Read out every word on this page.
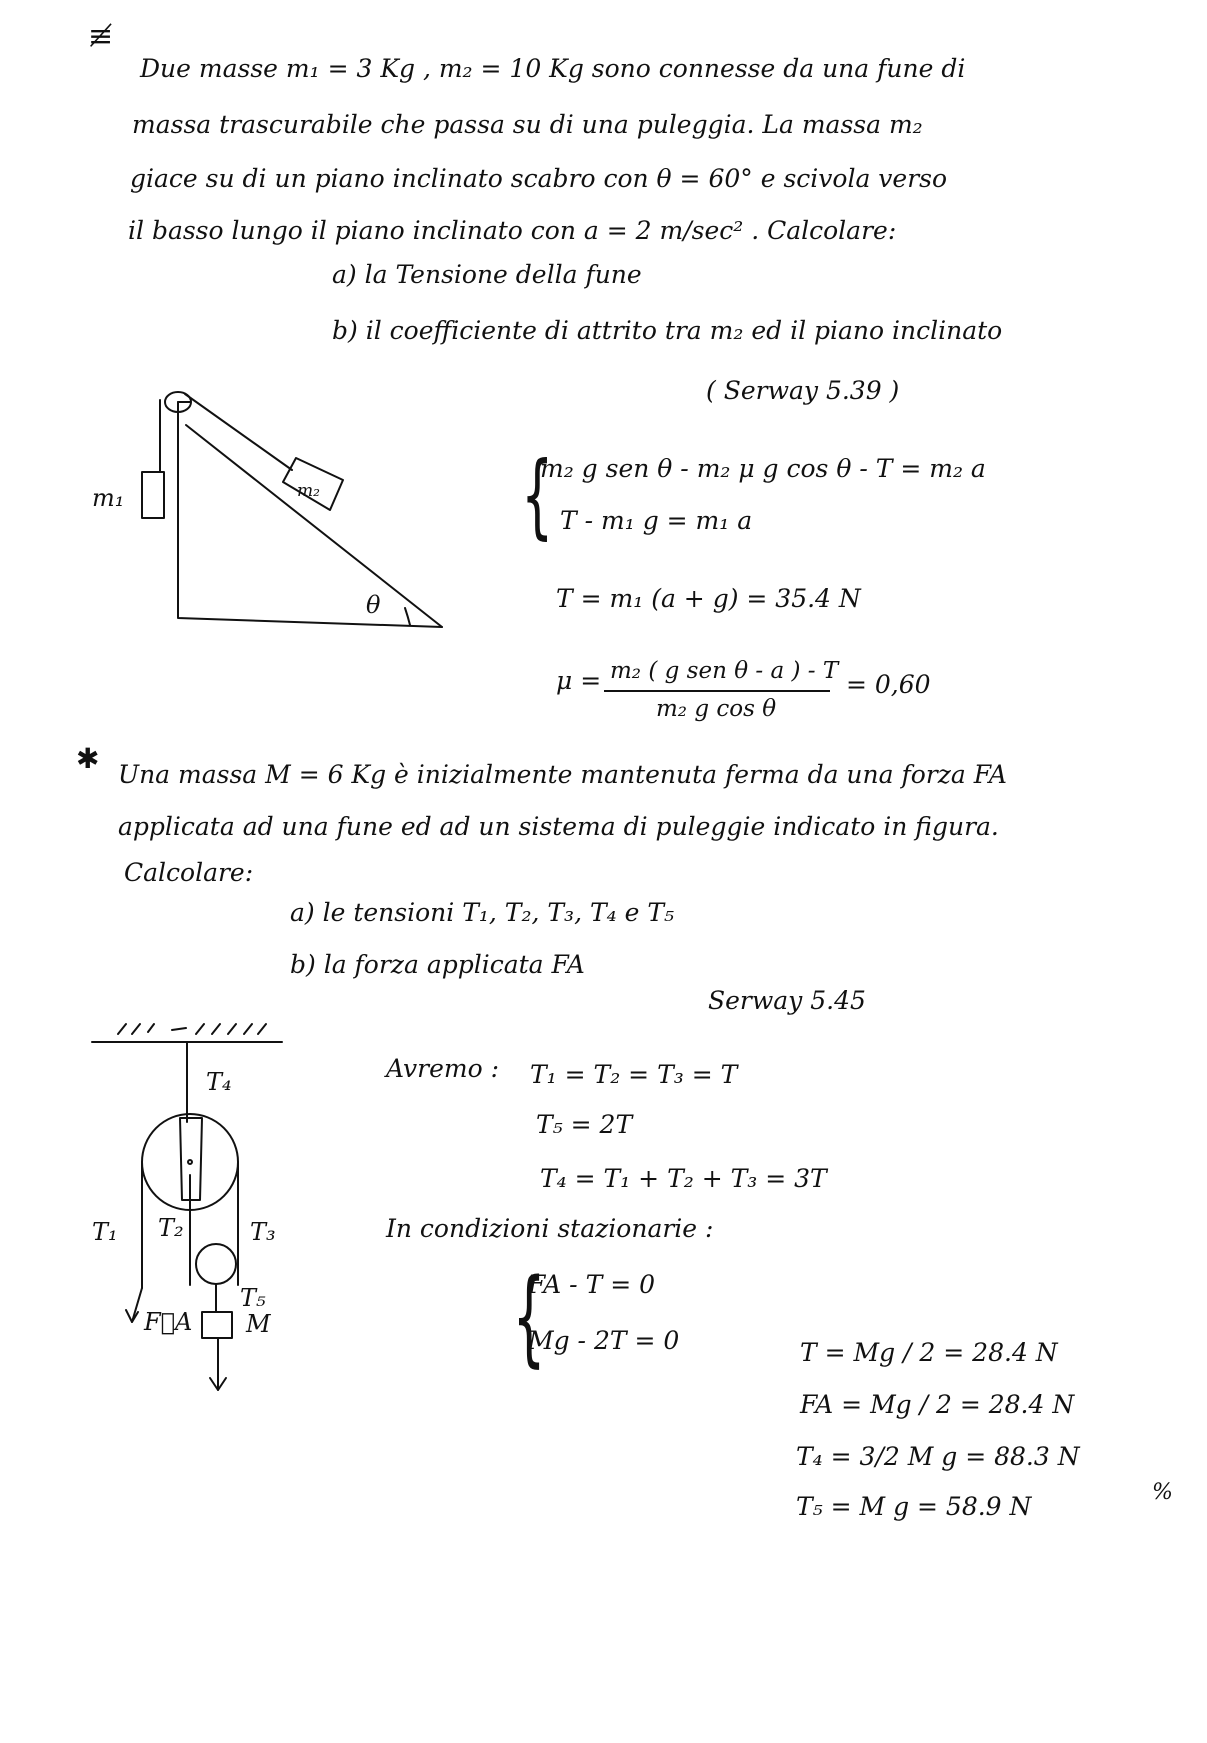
≢
Due masse m₁ = 3 Kg , m₂ = 10 Kg sono connesse da una fune di
massa trascurabile che passa su di una puleggia. La massa m₂
giace su di un piano inclinato scabro con θ = 60° e scivola verso
il basso lungo il piano inclinato con a = 2 m/sec² . Calcolare:
a) la Tensione della fune
b) il coefficiente di attrito tra m₂ ed il piano inclinato
( Serway 5.39 )
m₁	m₂
θ
{
m₂ g sen θ - m₂ μ g cos θ - T = m₂ a
T - m₁ g = m₁ a
T = m₁ (a + g) = 35.4 N
μ = m₂ ( g sen θ - a ) - T
m₂ g cos θ
= 0,60
✱ Una massa M = 6 Kg è inizialmente mantenuta ferma da una forza FA
applicata ad una fune ed ad un sistema di puleggie indicato in figura.
Calcolare:
a) le tensioni T₁, T₂, T₃, T₄ e T₅
b) la forza applicata FA
Serway 5.45
T₄
T₁ T₂	T₃
T₅
F⃗A M
Avremo : T₁ = T₂ = T₃ = T
T₅ = 2T
T₄ = T₁ + T₂ + T₃ = 3T
In condizioni stazionarie :
{
FA - T = 0
Mg - 2T = 0	T = Mg / 2 = 28.4 N
FA = Mg / 2 = 28.4 N
T₄ = 3/2 M g = 88.3 N
T₅ = M g = 58.9 N	%
